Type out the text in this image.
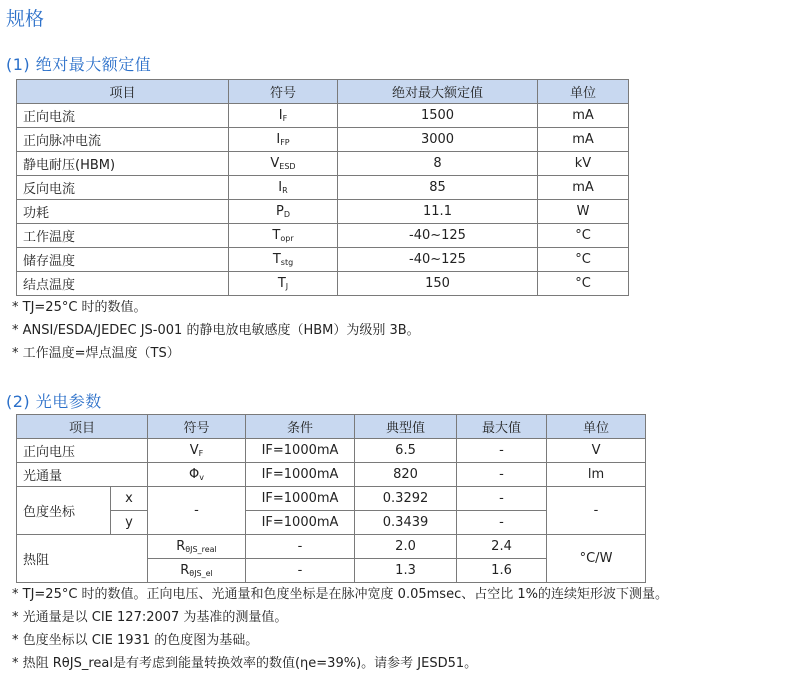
规格
(1) 绝对最大额定值
项目	符号	绝对最大额定值	单位
正向电流	$I_F$	1500	mA
正向脉冲电流	$I_{FP}$	3000	mA
静电耐压(HBM)	$V_{ESD}$	8	kV
反向电流	$I_R$	85	mA
功耗	$P_D$	11.1	W
工作温度	$T_{opr}$	-40~125	°C
储存温度	$T_{stg}$	-40~125	°C
结点温度	$T_J$	150	°C
* TJ=25°C 时的数值。
* ANSI/ESDA/JEDEC JS-001 的静电放电敏感度（HBM）为级别 3B。
* 工作温度=焊点温度（TS）
(2) 光电参数
项目		符号	条件	典型值	最大值	单位
正向电压		$V_F$	IF=1000mA	6.5	-	V
光通量		$\Phi_v$	IF=1000mA	820	-	lm
色度坐标	x	-	IF=1000mA	0.3292	-	-
	y		IF=1000mA	0.3439	-	
热阻		$R_{\theta JS\_real}$	-	2.0	2.4	°C/W
		$R_{\theta JS\_el}$	-	1.3	1.6	
* TJ=25°C 时的数值。正向电压、光通量和色度坐标是在脉冲宽度 0.05msec、占空比 1%的连续矩形波下测量。
* 光通量是以 CIE 127:2007 为基准的测量值。
* 色度坐标以 CIE 1931 的色度图为基础。
* 热阻 RθJS_real是有考虑到能量转换效率的数值(ηe=39%)。请参考 JESD51。
